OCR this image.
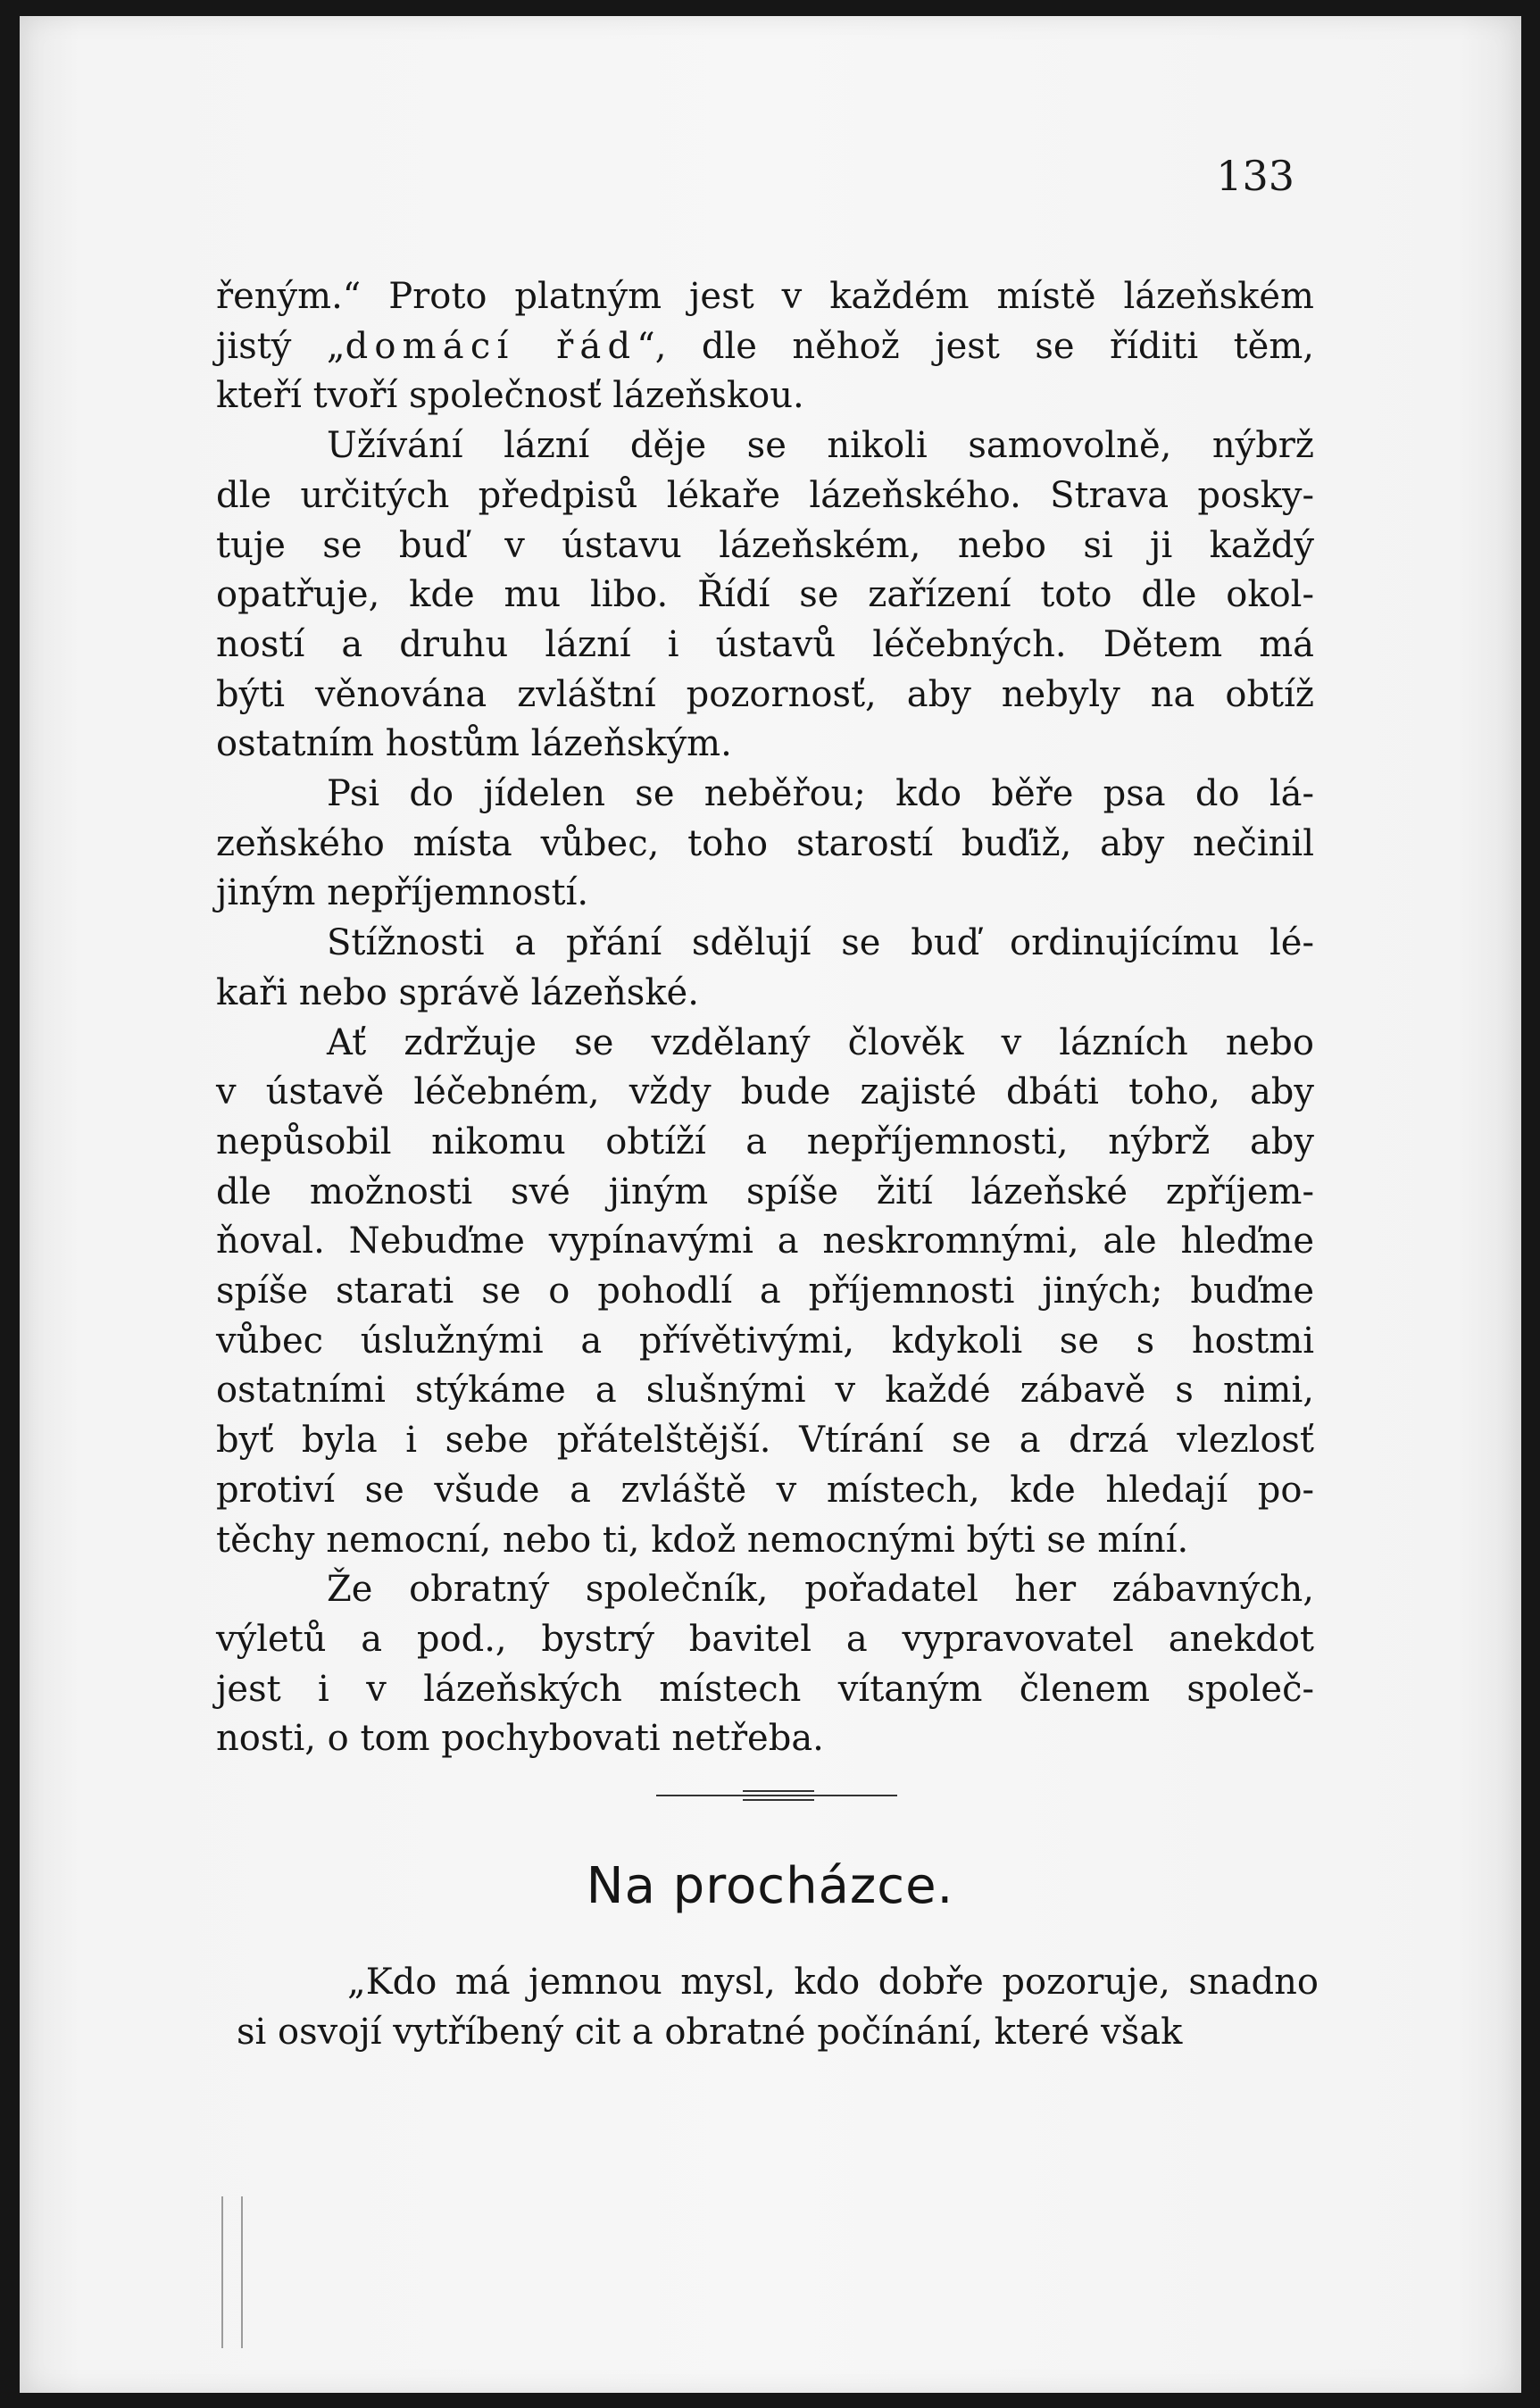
133
řeným.“ Proto platným jest v každém místě lázeňském
jistý „domácí řád“, dle něhož jest se říditi těm,
kteří tvoří společnosť lázeňskou.
Užívání lázní děje se nikoli samovolně, nýbrž
dle určitých předpisů lékaře lázeňského. Strava posky-
tuje se buď v ústavu lázeňském, nebo si ji každý
opatřuje, kde mu libo. Řídí se zařízení toto dle okol-
ností a druhu lázní i ústavů léčebných. Dětem má
býti věnována zvláštní pozornosť, aby nebyly na obtíž
ostatním hostům lázeňským.
Psi do jídelen se neběřou; kdo běře psa do lá-
zeňského místa vůbec, toho starostí buďiž, aby nečinil
jiným nepříjemností.
Stížnosti a přání sdělují se buď ordinujícímu lé-
kaři nebo správě lázeňské.
Ať zdržuje se vzdělaný člověk v lázních nebo
v ústavě léčebném, vždy bude zajisté dbáti toho, aby
nepůsobil nikomu obtíží a nepříjemnosti, nýbrž aby
dle možnosti své jiným spíše žití lázeňské zpříjem-
ňoval. Nebuďme vypínavými a neskromnými, ale hleďme
spíše starati se o pohodlí a příjemnosti jiných; buďme
vůbec úslužnými a přívětivými, kdykoli se s hostmi
ostatními stýkáme a slušnými v každé zábavě s nimi,
byť byla i sebe přátelštější. Vtírání se a drzá vlezlosť
protiví se všude a zvláště v místech, kde hledají po-
těchy nemocní, nebo ti, kdož nemocnými býti se míní.
Že obratný společník, pořadatel her zábavných,
výletů a pod., bystrý bavitel a vypravovatel anekdot
jest i v lázeňských místech vítaným členem společ-
nosti, o tom pochybovati netřeba.
Na procházce.
„Kdo má jemnou mysl, kdo dobře pozoruje, snadno
si osvojí vytříbený cit a obratné počínání, které však
